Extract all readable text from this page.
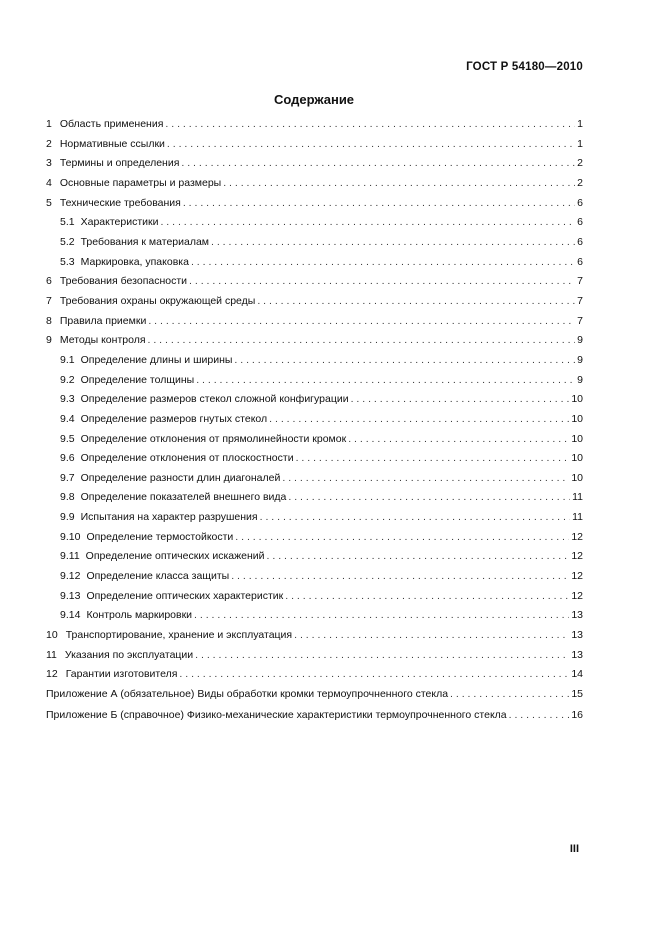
ГОСТ Р 54180—2010
Содержание
1 Область применения . . .	1
2 Нормативные ссылки . . .	1
3 Термины и определения . . .	2
4 Основные параметры и размеры . . .	2
5 Технические требования . . .	6
5.1 Характеристики . . .	6
5.2 Требования к материалам . . .	6
5.3 Маркировка, упаковка . . .	6
6 Требования безопасности . . .	7
7 Требования охраны окружающей среды . . .	7
8 Правила приемки . . .	7
9 Методы контроля . . .	9
9.1 Определение длины и ширины . . .	9
9.2 Определение толщины . . .	9
9.3 Определение размеров стекол сложной конфигурации . . .	10
9.4 Определение размеров гнутых стекол . . .	10
9.5 Определение отклонения от прямолинейности кромок . . .	10
9.6 Определение отклонения от плоскостности . . .	10
9.7 Определение разности длин диагоналей . . .	10
9.8 Определение показателей внешнего вида . . .	11
9.9 Испытания на характер разрушения . . .	11
9.10 Определение термостойкости . . .	12
9.11 Определение оптических искажений . . .	12
9.12 Определение класса защиты . . .	12
9.13 Определение оптических характеристик . . .	12
9.14 Контроль маркировки . . .	13
10 Транспортирование, хранение и эксплуатация . . .	13
11 Указания по эксплуатации . . .	13
12 Гарантии изготовителя . . .	14
Приложение А (обязательное) Виды обработки кромки термоупрочненного стекла . . .	15
Приложение Б (справочное) Физико-механические характеристики термоупрочненного стекла . . .	16
III
